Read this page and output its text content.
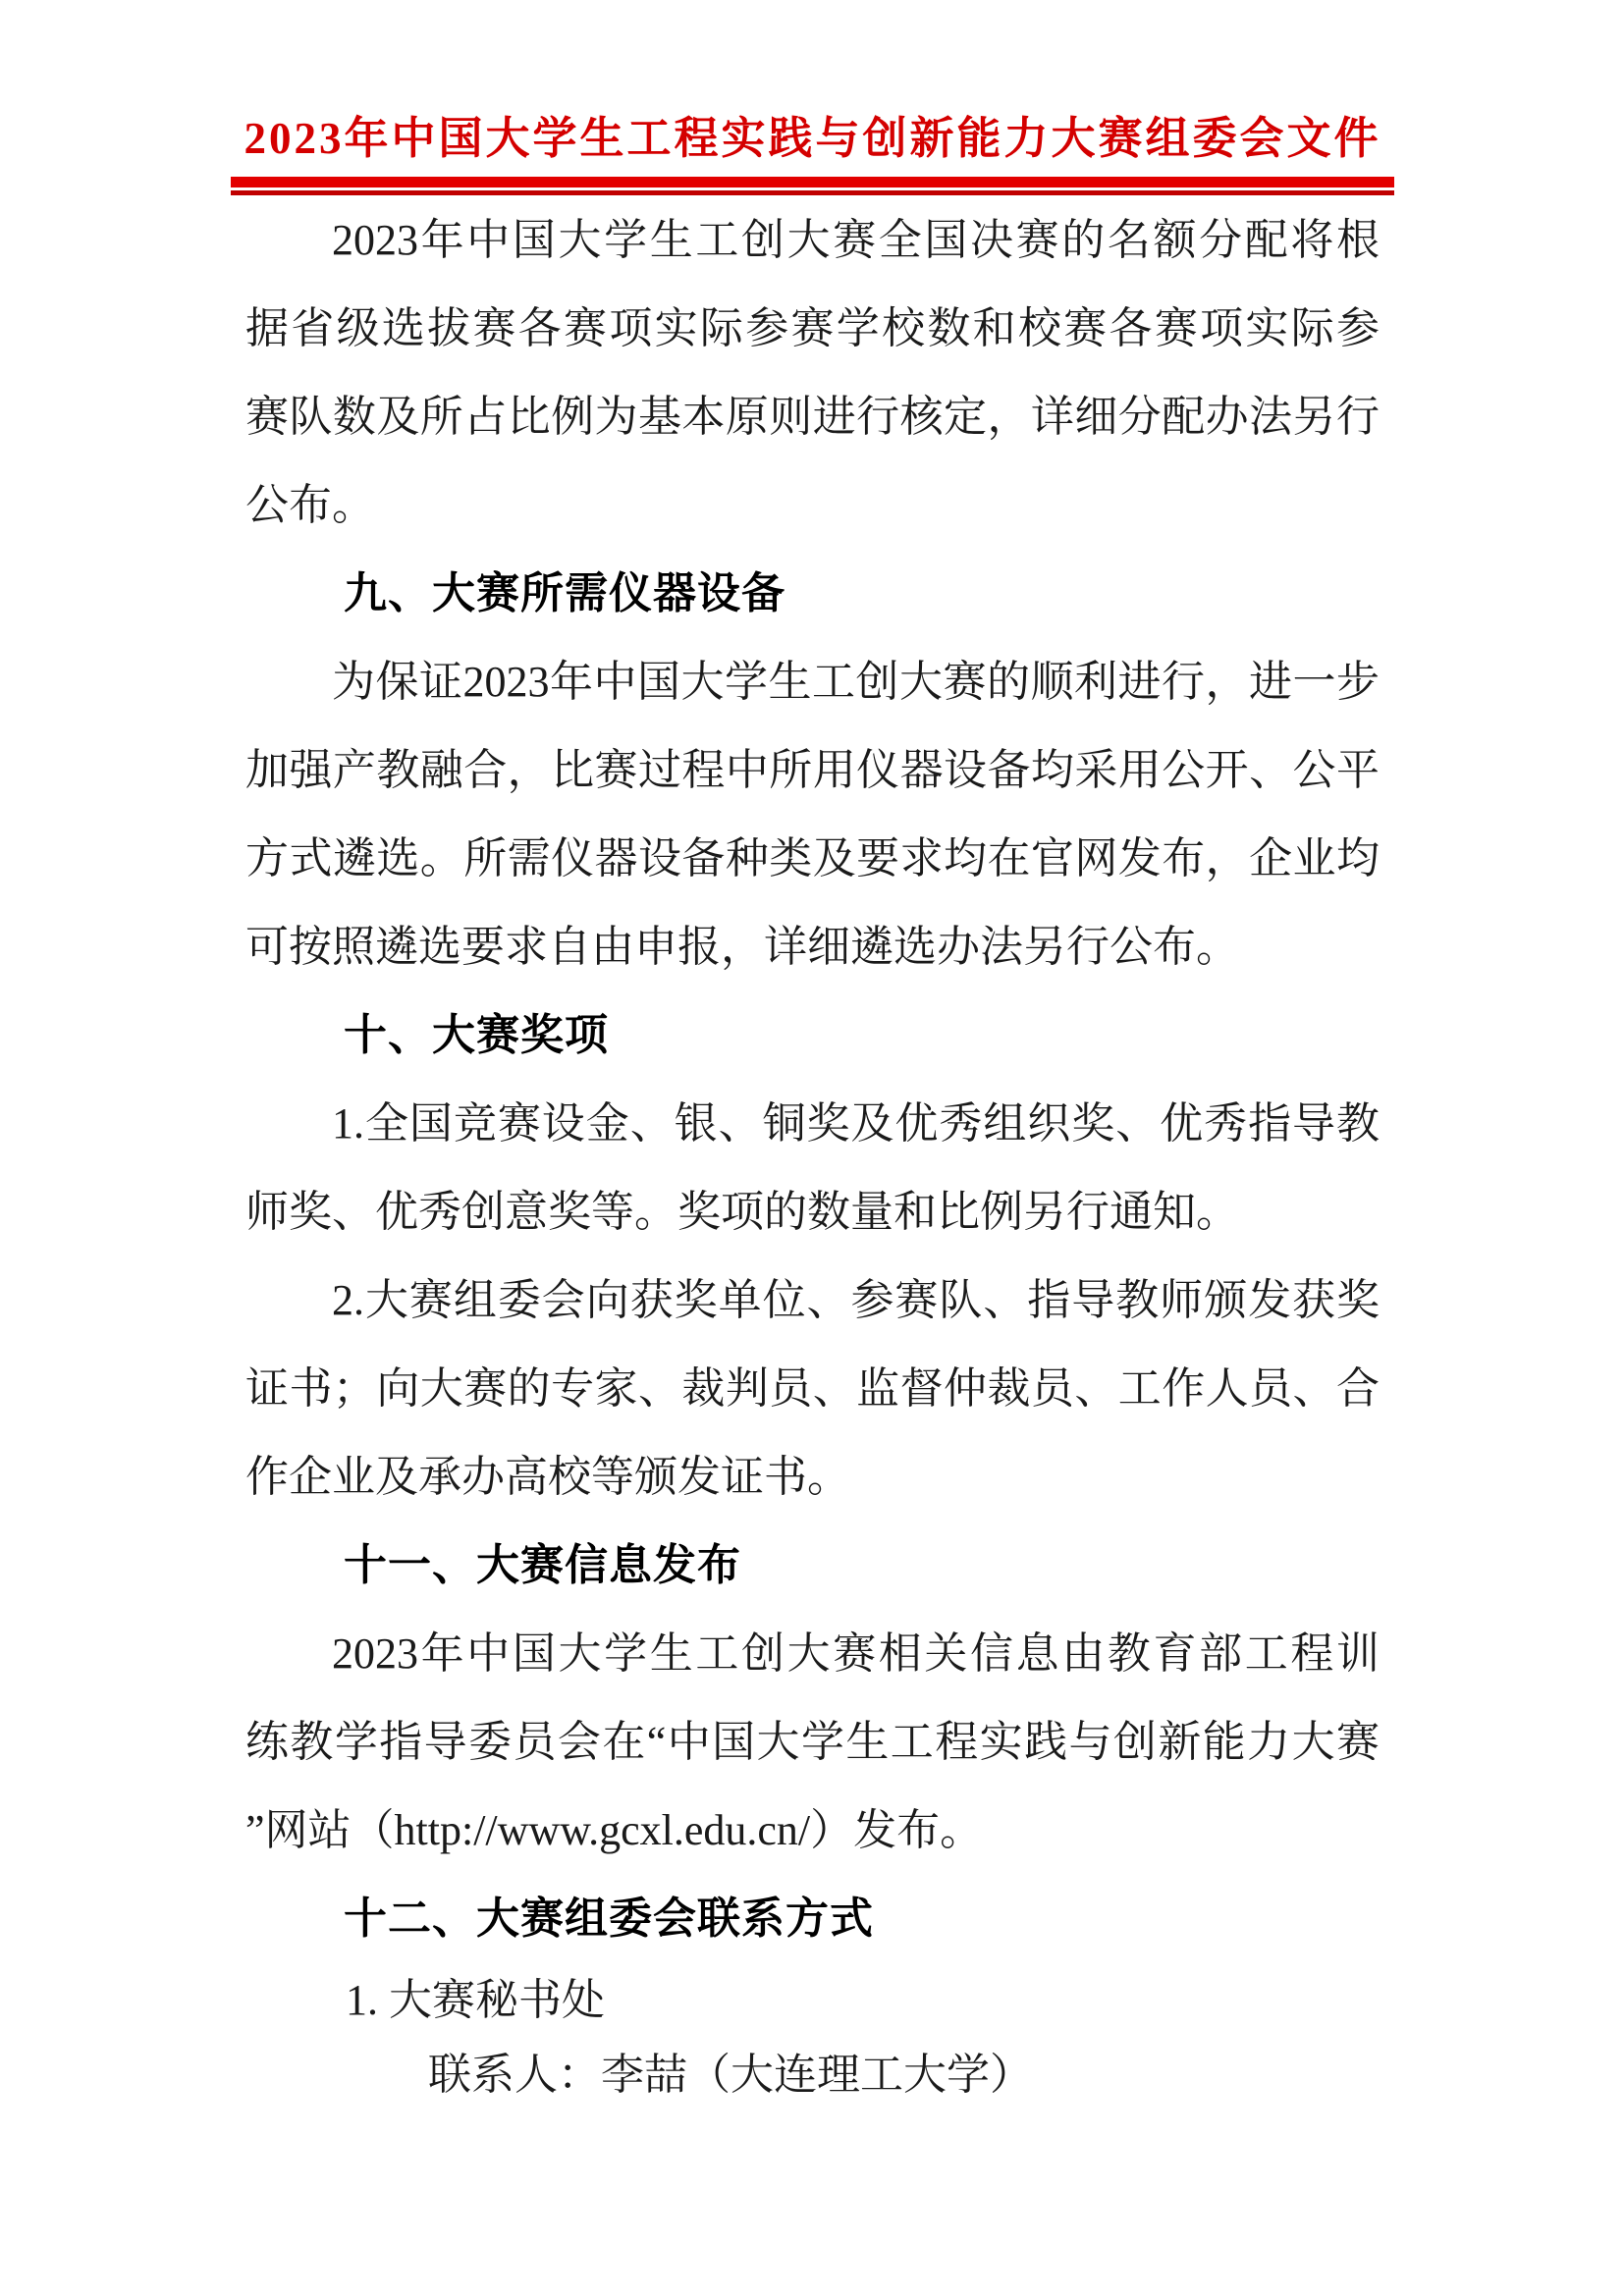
2023年中国大学生工程实践与创新能力大赛组委会文件
2023年中国大学生工创大赛全国决赛的名额分配将根
据省级选拔赛各赛项实际参赛学校数和校赛各赛项实际参
赛队数及所占比例为基本原则进行核定，详细分配办法另行
公布。
九、大赛所需仪器设备
为保证2023年中国大学生工创大赛的顺利进行，进一步
加强产教融合，比赛过程中所用仪器设备均采用公开、公平
方式遴选。所需仪器设备种类及要求均在官网发布，企业均
可按照遴选要求自由申报，详细遴选办法另行公布。
十、大赛奖项
1.全国竞赛设金、银、铜奖及优秀组织奖、优秀指导教
师奖、优秀创意奖等。奖项的数量和比例另行通知。
2.大赛组委会向获奖单位、参赛队、指导教师颁发获奖
证书；向大赛的专家、裁判员、监督仲裁员、工作人员、合
作企业及承办高校等颁发证书。
十一、大赛信息发布
2023年中国大学生工创大赛相关信息由教育部工程训
练教学指导委员会在“中国大学生工程实践与创新能力大赛
”网站（http://www.gcxl.edu.cn/）发布。
十二、大赛组委会联系方式
1. 大赛秘书处
联系人：李喆（大连理工大学）
